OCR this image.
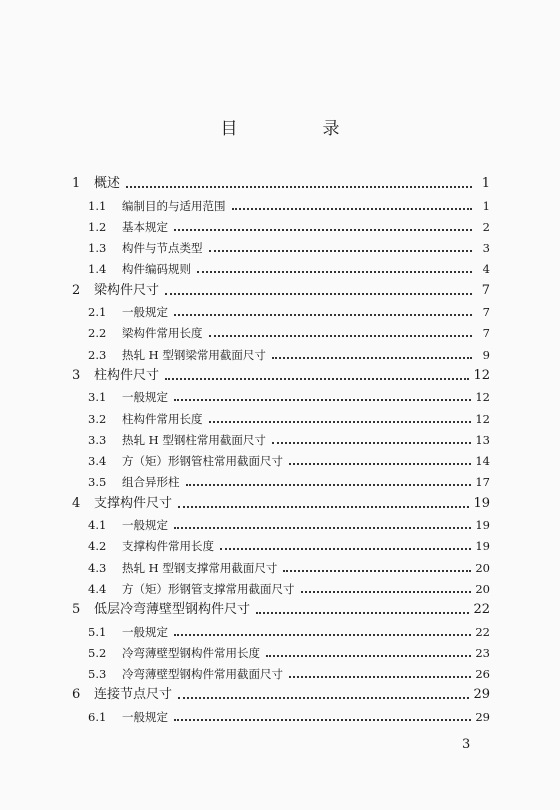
目　录
1	概述	1
1.1	编制目的与适用范围	1
1.2	基本规定	2
1.3	构件与节点类型	3
1.4	构件编码规则	4
2	梁构件尺寸	7
2.1	一般规定	7
2.2	梁构件常用长度	7
2.3	热轧 H 型钢梁常用截面尺寸	9
3	柱构件尺寸	12
3.1	一般规定	12
3.2	柱构件常用长度	12
3.3	热轧 H 型钢柱常用截面尺寸	13
3.4	方（矩）形钢管柱常用截面尺寸	14
3.5	组合异形柱	17
4	支撑构件尺寸	19
4.1	一般规定	19
4.2	支撑构件常用长度	19
4.3	热轧 H 型钢支撑常用截面尺寸	20
4.4	方（矩）形钢管支撑常用截面尺寸	20
5	低层冷弯薄壁型钢构件尺寸	22
5.1	一般规定	22
5.2	冷弯薄壁型钢构件常用长度	23
5.3	冷弯薄壁型钢构件常用截面尺寸	26
6	连接节点尺寸	29
6.1	一般规定	29
3
